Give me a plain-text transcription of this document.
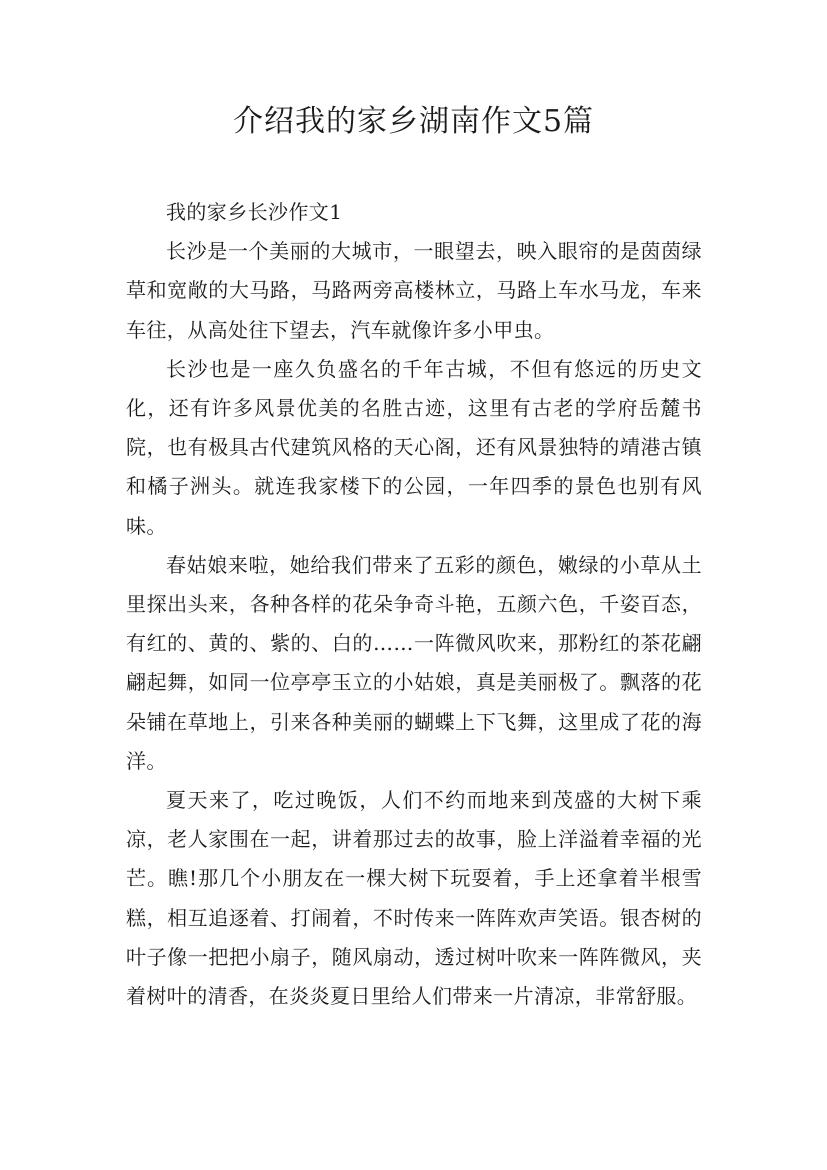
介绍我的家乡湖南作文5篇

我的家乡长沙作文1

长沙是一个美丽的大城市，一眼望去，映入眼帘的是茵茵绿草和宽敞的大马路，马路两旁高楼林立，马路上车水马龙，车来车往，从高处往下望去，汽车就像许多小甲虫。

长沙也是一座久负盛名的千年古城，不但有悠远的历史文化，还有许多风景优美的名胜古迹，这里有古老的学府岳麓书院，也有极具古代建筑风格的天心阁，还有风景独特的靖港古镇和橘子洲头。就连我家楼下的公园，一年四季的景色也别有风味。

春姑娘来啦，她给我们带来了五彩的颜色，嫩绿的小草从土里探出头来，各种各样的花朵争奇斗艳，五颜六色，千姿百态，有红的、黄的、紫的、白的……一阵微风吹来，那粉红的茶花翩翩起舞，如同一位亭亭玉立的小姑娘，真是美丽极了。飘落的花朵铺在草地上，引来各种美丽的蝴蝶上下飞舞，这里成了花的海洋。

夏天来了，吃过晚饭，人们不约而地来到茂盛的大树下乘凉，老人家围在一起，讲着那过去的故事，脸上洋溢着幸福的光芒。瞧!那几个小朋友在一棵大树下玩耍着，手上还拿着半根雪糕，相互追逐着、打闹着，不时传来一阵阵欢声笑语。银杏树的叶子像一把把小扇子，随风扇动，透过树叶吹来一阵阵微风，夹着树叶的清香，在炎炎夏日里给人们带来一片清凉，非常舒服。
